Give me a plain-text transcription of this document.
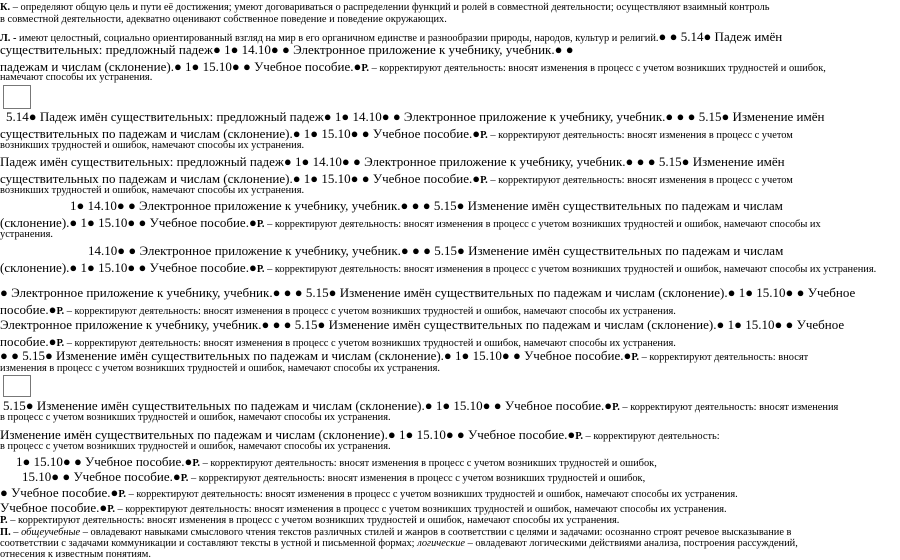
К. – определяют общую цель и пути её достижения; умеют договариваться о распределении функций и ролей в совместной деятельности; осуществляют взаимный контроль
в совместной деятельности, адекватно оценивают собственное поведение и поведение окружающих.
Л. - имеют целостный, социально ориентированный взгляд на мир в его органичном единстве и разнообразии природы, народов, культур и религий.● ● 5.14● Падеж имён
существительных: предложный падеж● 1● 14.10● ● Электронное приложение к учебнику, учебник.● ●
падежам и числам (склонение).● 1● 15.10● ● Учебное пособие.●Р. – корректируют деятельность: вносят изменения в процесс с учетом возникших трудностей и ошибок,
намечают способы их устранения.
5.14● Падеж имён существительных: предложный падеж● 1● 14.10● ● Электронное приложение к учебнику, учебник.● ● ● 5.15● Изменение имён
существительных по падежам и числам (склонение).● 1● 15.10● ● Учебное пособие.●Р. – корректируют деятельность: вносят изменения в процесс с учетом
возникших трудностей и ошибок, намечают способы их устранения.
Падеж имён существительных: предложный падеж● 1● 14.10● ● Электронное приложение к учебнику, учебник.● ● ● 5.15● Изменение имён
существительных по падежам и числам (склонение).● 1● 15.10● ● Учебное пособие.●Р. – корректируют деятельность: вносят изменения в процесс с учетом
возникших трудностей и ошибок, намечают способы их устранения.
1● 14.10● ● Электронное приложение к учебнику, учебник.● ● ● 5.15● Изменение имён существительных по падежам и числам
(склонение).● 1● 15.10● ● Учебное пособие.●Р. – корректируют деятельность: вносят изменения в процесс с учетом возникших трудностей и ошибок, намечают способы их
устранения.
14.10● ● Электронное приложение к учебнику, учебник.● ● ● 5.15● Изменение имён существительных по падежам и числам
(склонение).● 1● 15.10● ● Учебное пособие.●Р. – корректируют деятельность: вносят изменения в процесс с учетом возникших трудностей и ошибок, намечают способы их устранения.
● Электронное приложение к учебнику, учебник.● ● ● 5.15● Изменение имён существительных по падежам и числам (склонение).● 1● 15.10● ● Учебное
пособие.●Р. – корректируют деятельность: вносят изменения в процесс с учетом возникших трудностей и ошибок, намечают способы их устранения.
Электронное приложение к учебнику, учебник.● ● ● 5.15● Изменение имён существительных по падежам и числам (склонение).● 1● 15.10● ● Учебное
пособие.●Р. – корректируют деятельность: вносят изменения в процесс с учетом возникших трудностей и ошибок, намечают способы их устранения.
● ● 5.15● Изменение имён существительных по падежам и числам (склонение).● 1● 15.10● ● Учебное пособие.●Р. – корректируют деятельность: вносят
изменения в процесс с учетом возникших трудностей и ошибок, намечают способы их устранения.
5.15● Изменение имён существительных по падежам и числам (склонение).● 1● 15.10● ● Учебное пособие.●Р. – корректируют деятельность: вносят изменения
в процесс с учетом возникших трудностей и ошибок, намечают способы их устранения.
Изменение имён существительных по падежам и числам (склонение).● 1● 15.10● ● Учебное пособие.●Р. – корректируют деятельность:
в процесс с учетом возникших трудностей и ошибок, намечают способы их устранения.
1● 15.10● ● Учебное пособие.●Р. – корректируют деятельность: вносят изменения в процесс с учетом возникших трудностей и ошибок,
15.10● ● Учебное пособие.●Р. – корректируют деятельность: вносят изменения в процесс с учетом возникших трудностей и ошибок,
● Учебное пособие.●Р. – корректируют деятельность: вносят изменения в процесс с учетом возникших трудностей и ошибок, намечают способы их устранения.
Учебное пособие.●Р. – корректируют деятельность: вносят изменения в процесс с учетом возникших трудностей и ошибок, намечают способы их устранения.
Р. – корректируют деятельность: вносят изменения в процесс с учетом возникших трудностей и ошибок, намечают способы их устранения.
П. – общеучебные – овладевают навыками смыслового чтения текстов различных стилей и жанров в соответствии с целями и задачами: осознанно строят речевое высказывание в
соответствии с задачами коммуникации и составляют тексты в устной и письменной формах; логические – овладевают логическими действиями анализа, построения рассуждений,
отнесения к известным понятиям.
